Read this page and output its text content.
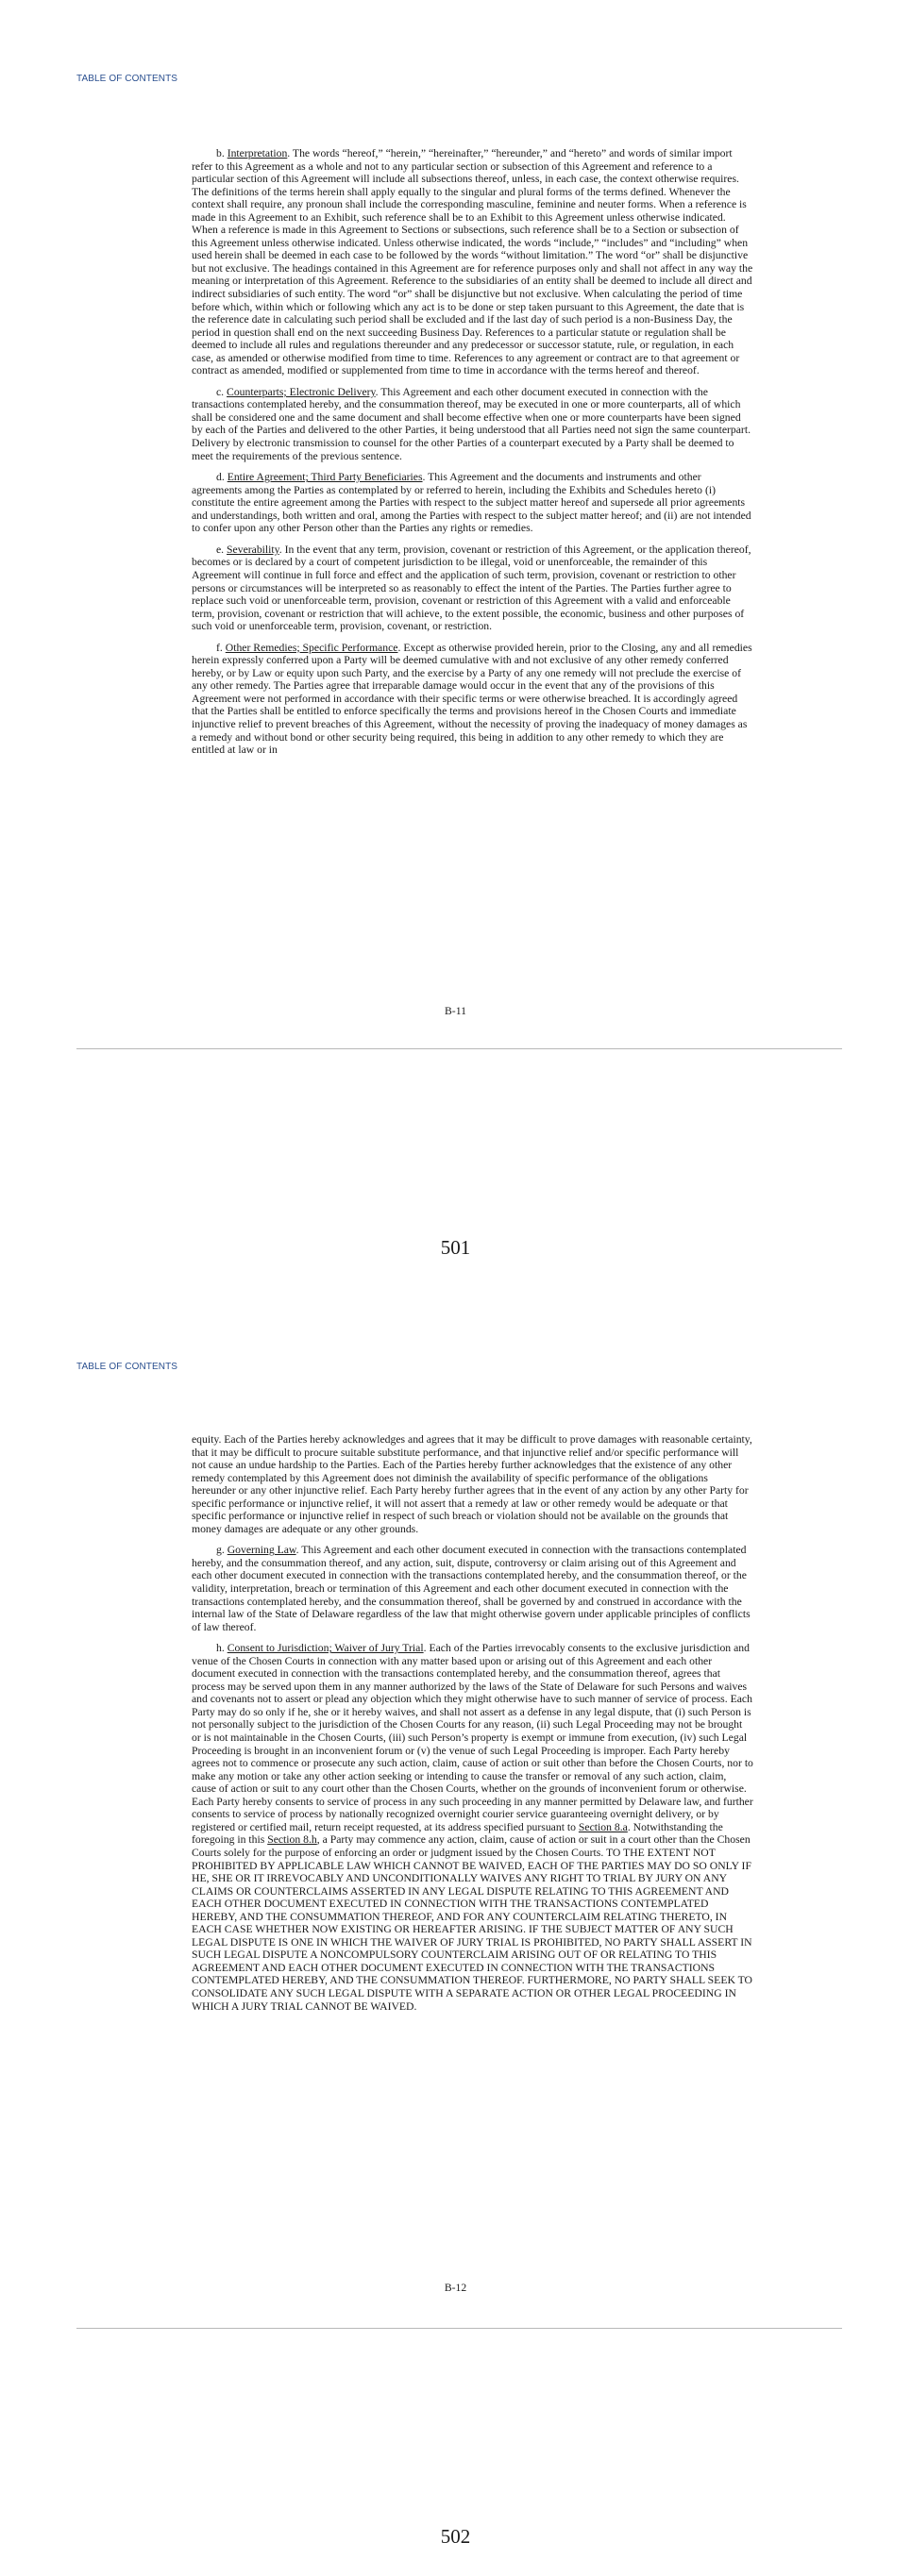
TABLE OF CONTENTS

b. Interpretation. The words “hereof,” “herein,” “hereinafter,” “hereunder,” and “hereto” and words of similar import refer to this Agreement as a whole and not to any particular section or subsection of this Agreement and reference to a particular section of this Agreement will include all subsections thereof, unless, in each case, the context otherwise requires. The definitions of the terms herein shall apply equally to the singular and plural forms of the terms defined. Whenever the context shall require, any pronoun shall include the corresponding masculine, feminine and neuter forms. When a reference is made in this Agreement to an Exhibit, such reference shall be to an Exhibit to this Agreement unless otherwise indicated. When a reference is made in this Agreement to Sections or subsections, such reference shall be to a Section or subsection of this Agreement unless otherwise indicated. Unless otherwise indicated, the words “include,” “includes” and “including” when used herein shall be deemed in each case to be followed by the words “without limitation.” The word “or” shall be disjunctive but not exclusive. The headings contained in this Agreement are for reference purposes only and shall not affect in any way the meaning or interpretation of this Agreement. Reference to the subsidiaries of an entity shall be deemed to include all direct and indirect subsidiaries of such entity. The word “or” shall be disjunctive but not exclusive. When calculating the period of time before which, within which or following which any act is to be done or step taken pursuant to this Agreement, the date that is the reference date in calculating such period shall be excluded and if the last day of such period is a non-Business Day, the period in question shall end on the next succeeding Business Day. References to a particular statute or regulation shall be deemed to include all rules and regulations thereunder and any predecessor or successor statute, rule, or regulation, in each case, as amended or otherwise modified from time to time. References to any agreement or contract are to that agreement or contract as amended, modified or supplemented from time to time in accordance with the terms hereof and thereof.

c. Counterparts; Electronic Delivery. This Agreement and each other document executed in connection with the transactions contemplated hereby, and the consummation thereof, may be executed in one or more counterparts, all of which shall be considered one and the same document and shall become effective when one or more counterparts have been signed by each of the Parties and delivered to the other Parties, it being understood that all Parties need not sign the same counterpart. Delivery by electronic transmission to counsel for the other Parties of a counterpart executed by a Party shall be deemed to meet the requirements of the previous sentence.

d. Entire Agreement; Third Party Beneficiaries. This Agreement and the documents and instruments and other agreements among the Parties as contemplated by or referred to herein, including the Exhibits and Schedules hereto (i) constitute the entire agreement among the Parties with respect to the subject matter hereof and supersede all prior agreements and understandings, both written and oral, among the Parties with respect to the subject matter hereof; and (ii) are not intended to confer upon any other Person other than the Parties any rights or remedies.

e. Severability. In the event that any term, provision, covenant or restriction of this Agreement, or the application thereof, becomes or is declared by a court of competent jurisdiction to be illegal, void or unenforceable, the remainder of this Agreement will continue in full force and effect and the application of such term, provision, covenant or restriction to other persons or circumstances will be interpreted so as reasonably to effect the intent of the Parties. The Parties further agree to replace such void or unenforceable term, provision, covenant or restriction of this Agreement with a valid and enforceable term, provision, covenant or restriction that will achieve, to the extent possible, the economic, business and other purposes of such void or unenforceable term, provision, covenant, or restriction.

f. Other Remedies; Specific Performance. Except as otherwise provided herein, prior to the Closing, any and all remedies herein expressly conferred upon a Party will be deemed cumulative with and not exclusive of any other remedy conferred hereby, or by Law or equity upon such Party, and the exercise by a Party of any one remedy will not preclude the exercise of any other remedy. The Parties agree that irreparable damage would occur in the event that any of the provisions of this Agreement were not performed in accordance with their specific terms or were otherwise breached. It is accordingly agreed that the Parties shall be entitled to enforce specifically the terms and provisions hereof in the Chosen Courts and immediate injunctive relief to prevent breaches of this Agreement, without the necessity of proving the inadequacy of money damages as a remedy and without bond or other security being required, this being in addition to any other remedy to which they are entitled at law or in

B-11
501
TABLE OF CONTENTS

equity. Each of the Parties hereby acknowledges and agrees that it may be difficult to prove damages with reasonable certainty, that it may be difficult to procure suitable substitute performance, and that injunctive relief and/or specific performance will not cause an undue hardship to the Parties. Each of the Parties hereby further acknowledges that the existence of any other remedy contemplated by this Agreement does not diminish the availability of specific performance of the obligations hereunder or any other injunctive relief. Each Party hereby further agrees that in the event of any action by any other Party for specific performance or injunctive relief, it will not assert that a remedy at law or other remedy would be adequate or that specific performance or injunctive relief in respect of such breach or violation should not be available on the grounds that money damages are adequate or any other grounds.

g. Governing Law. This Agreement and each other document executed in connection with the transactions contemplated hereby, and the consummation thereof, and any action, suit, dispute, controversy or claim arising out of this Agreement and each other document executed in connection with the transactions contemplated hereby, and the consummation thereof, or the validity, interpretation, breach or termination of this Agreement and each other document executed in connection with the transactions contemplated hereby, and the consummation thereof, shall be governed by and construed in accordance with the internal law of the State of Delaware regardless of the law that might otherwise govern under applicable principles of conflicts of law thereof.

h. Consent to Jurisdiction; Waiver of Jury Trial. Each of the Parties irrevocably consents to the exclusive jurisdiction and venue of the Chosen Courts in connection with any matter based upon or arising out of this Agreement and each other document executed in connection with the transactions contemplated hereby, and the consummation thereof, agrees that process may be served upon them in any manner authorized by the laws of the State of Delaware for such Persons and waives and covenants not to assert or plead any objection which they might otherwise have to such manner of service of process. Each Party may do so only if he, she or it hereby waives, and shall not assert as a defense in any legal dispute, that (i) such Person is not personally subject to the jurisdiction of the Chosen Courts for any reason, (ii) such Legal Proceeding may not be brought or is not maintainable in the Chosen Courts, (iii) such Person’s property is exempt or immune from execution, (iv) such Legal Proceeding is brought in an inconvenient forum or (v) the venue of such Legal Proceeding is improper. Each Party hereby agrees not to commence or prosecute any such action, claim, cause of action or suit other than before the Chosen Courts, nor to make any motion or take any other action seeking or intending to cause the transfer or removal of any such action, claim, cause of action or suit to any court other than the Chosen Courts, whether on the grounds of inconvenient forum or otherwise. Each Party hereby consents to service of process in any such proceeding in any manner permitted by Delaware law, and further consents to service of process by nationally recognized overnight courier service guaranteeing overnight delivery, or by registered or certified mail, return receipt requested, at its address specified pursuant to Section 8.a. Notwithstanding the foregoing in this Section 8.h, a Party may commence any action, claim, cause of action or suit in a court other than the Chosen Courts solely for the purpose of enforcing an order or judgment issued by the Chosen Courts. TO THE EXTENT NOT PROHIBITED BY APPLICABLE LAW WHICH CANNOT BE WAIVED, EACH OF THE PARTIES MAY DO SO ONLY IF HE, SHE OR IT IRREVOCABLY AND UNCONDITIONALLY WAIVES ANY RIGHT TO TRIAL BY JURY ON ANY CLAIMS OR COUNTERCLAIMS ASSERTED IN ANY LEGAL DISPUTE RELATING TO THIS AGREEMENT AND EACH OTHER DOCUMENT EXECUTED IN CONNECTION WITH THE TRANSACTIONS CONTEMPLATED HEREBY, AND THE CONSUMMATION THEREOF, AND FOR ANY COUNTERCLAIM RELATING THERETO, IN EACH CASE WHETHER NOW EXISTING OR HEREAFTER ARISING. IF THE SUBJECT MATTER OF ANY SUCH LEGAL DISPUTE IS ONE IN WHICH THE WAIVER OF JURY TRIAL IS PROHIBITED, NO PARTY SHALL ASSERT IN SUCH LEGAL DISPUTE A NONCOMPULSORY COUNTERCLAIM ARISING OUT OF OR RELATING TO THIS AGREEMENT AND EACH OTHER DOCUMENT EXECUTED IN CONNECTION WITH THE TRANSACTIONS CONTEMPLATED HEREBY, AND THE CONSUMMATION THEREOF. FURTHERMORE, NO PARTY SHALL SEEK TO CONSOLIDATE ANY SUCH LEGAL DISPUTE WITH A SEPARATE ACTION OR OTHER LEGAL PROCEEDING IN WHICH A JURY TRIAL CANNOT BE WAIVED.

B-12
502
